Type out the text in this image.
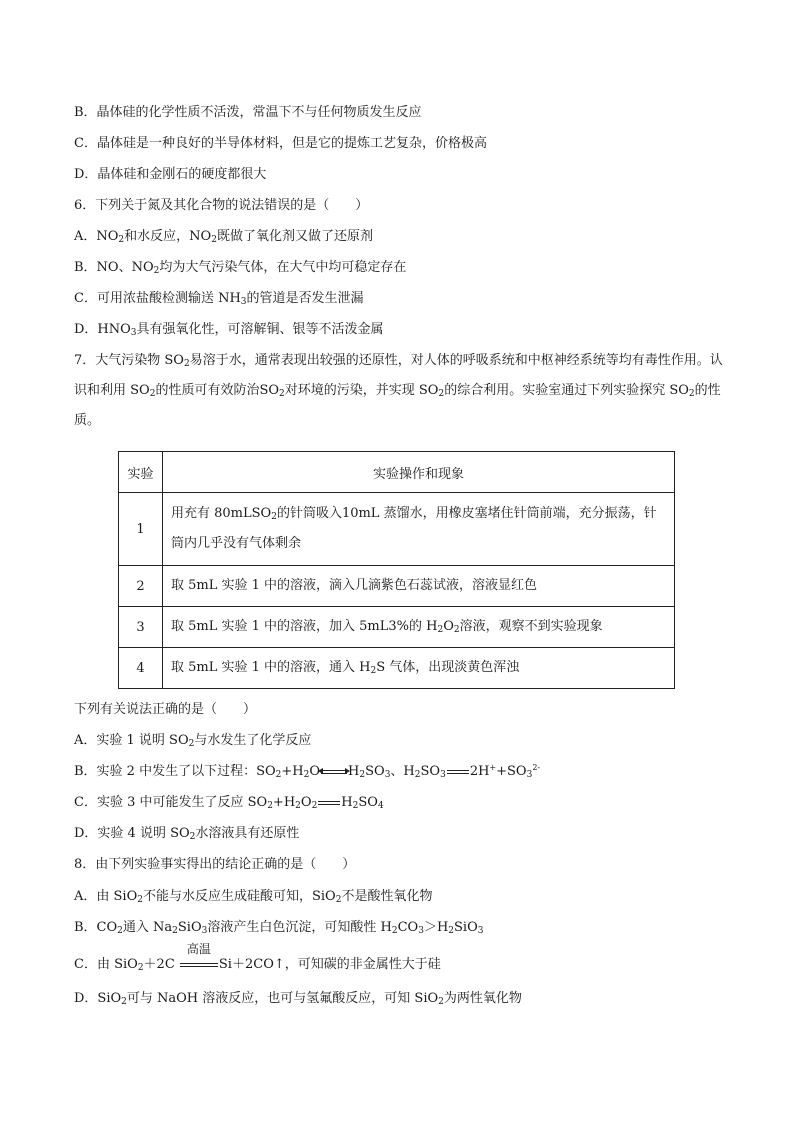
B．晶体硅的化学性质不活泼，常温下不与任何物质发生反应
C．晶体硅是一种良好的半导体材料，但是它的提炼工艺复杂，价格极高
D．晶体硅和金刚石的硬度都很大
6．下列关于氮及其化合物的说法错误的是（　　）
A．$NO_2$和水反应，$NO_2$既做了氧化剂又做了还原剂
B．NO、$NO_2$均为大气污染气体，在大气中均可稳定存在
C．可用浓盐酸检测输送 $NH_3$的管道是否发生泄漏
D．$HNO_3$具有强氧化性，可溶解铜、银等不活泼金属
7．大气污染物 $SO_2$易溶于水，通常表现出较强的还原性，对人体的呼吸系统和中枢神经系统等均有毒性作用。认识和利用 $SO_2$的性质可有效防治$SO_2$对环境的污染，并实现 $SO_2$的综合利用。实验室通过下列实验探究 $SO_2$的性质。
实验	实验操作和现象
1	用充有 80mLSO$_2$的针筒吸入10mL 蒸馏水，用橡皮塞堵住针筒前端，充分振荡，针筒内几乎没有气体剩余
2	取 5mL 实验 1 中的溶液，滴入几滴紫色石蕊试液，溶液显红色
3	取 5mL 实验 1 中的溶液，加入 5mL3%的 $H_2O_2$溶液，观察不到实验现象
4	取 5mL 实验 1 中的溶液，通入 $H_2S$ 气体，出现淡黄色浑浊
下列有关说法正确的是（　　）
A．实验 1 说明 $SO_2$与水发生了化学反应
B．实验 2 中发生了以下过程：$SO_2+H_2O$ $H_2SO_3$、$H_2SO_3$ $2H^++SO_3^{2-}$
C．实验 3 中可能发生了反应 $SO_2+H_2O_2$ $H_2SO_4$
D．实验 4 说明 $SO_2$水溶液具有还原性
8．由下列实验事实得出的结论正确的是（　　）
A．由 SiO$_2$不能与水反应生成硅酸可知，SiO$_2$不是酸性氧化物
B．$CO_2$通入 $Na_2SiO_3$溶液产生白色沉淀，可知酸性 $H_2CO_3>H_2SiO_3$
C．由 SiO$_2$＋2C
高温
Si＋2CO↑，可知碳的非金属性大于硅
D．SiO$_2$可与 NaOH 溶液反应，也可与氢氟酸反应，可知 SiO$_2$为两性氧化物
